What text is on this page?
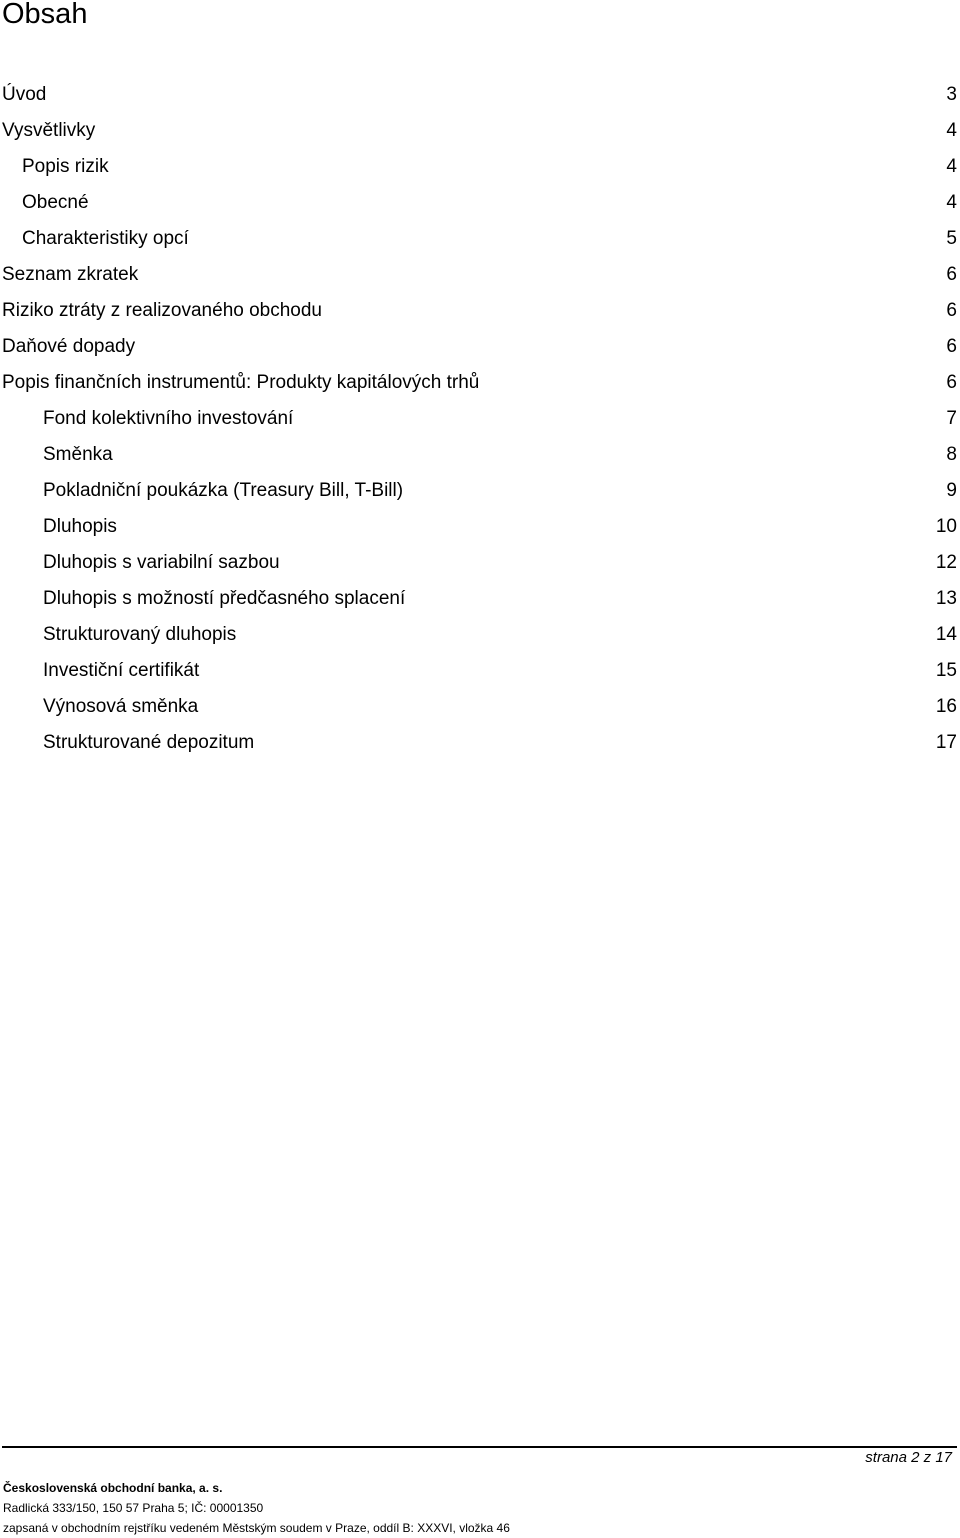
Obsah
Úvod	3
Vysvětlivky	4
Popis rizik	4
Obecné	4
Charakteristiky opcí	5
Seznam zkratek	6
Riziko ztráty z realizovaného obchodu	6
Daňové dopady	6
Popis finančních instrumentů: Produkty kapitálových trhů	6
Fond kolektivního investování	7
Směnka	8
Pokladniční poukázka (Treasury Bill, T-Bill)	9
Dluhopis	10
Dluhopis s variabilní sazbou	12
Dluhopis s možností předčasného splacení	13
Strukturovaný dluhopis	14
Investiční certifikát	15
Výnosová směnka	16
Strukturované depozitum	17
strana 2 z 17
Československá obchodní banka, a. s.
Radlická 333/150, 150 57 Praha 5; IČ: 00001350
zapsaná v obchodním rejstříku vedeném Městským soudem v Praze, oddíl B: XXXVI, vložka 46
